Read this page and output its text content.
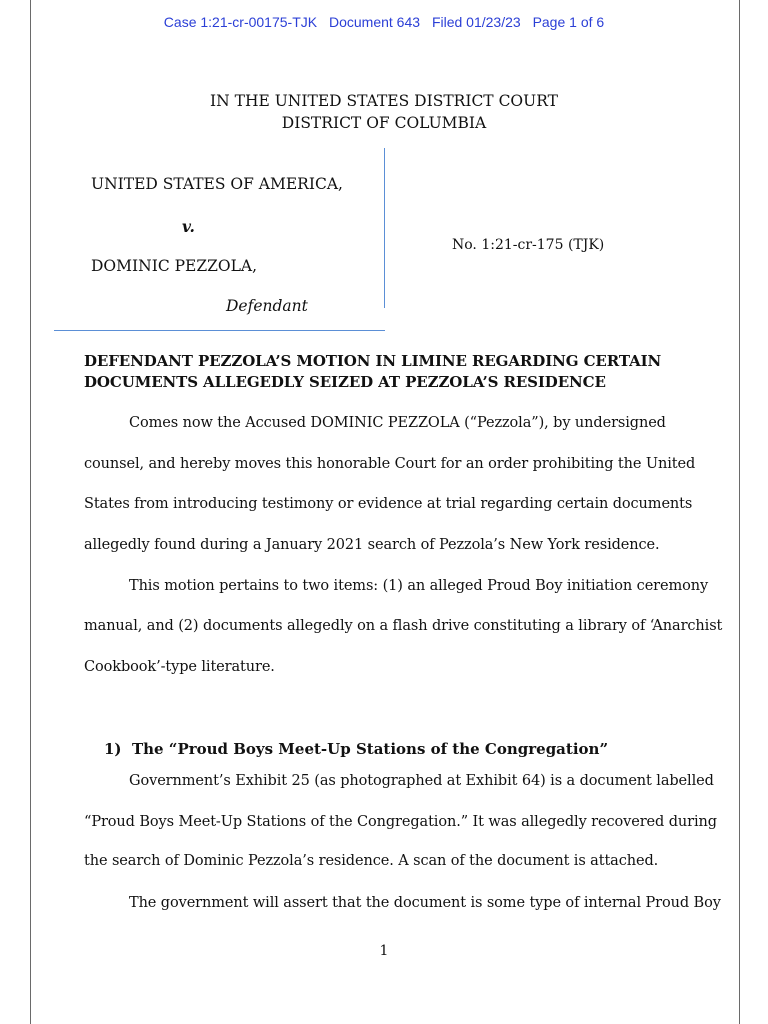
Case 1:21-cr-00175-TJK Document 643 Filed 01/23/23 Page 1 of 6
IN THE UNITED STATES DISTRICT COURT
DISTRICT OF COLUMBIA
UNITED STATES OF AMERICA,
v.
DOMINIC PEZZOLA,
Defendant
No. 1:21-cr-175 (TJK)
DEFENDANT PEZZOLA’S MOTION IN LIMINE REGARDING CERTAIN
DOCUMENTS ALLEGEDLY SEIZED AT PEZZOLA’S RESIDENCE
Comes now the Accused DOMINIC PEZZOLA (“Pezzola”), by undersigned
counsel, and hereby moves this honorable Court for an order prohibiting the United
States from introducing testimony or evidence at trial regarding certain documents
allegedly found during a January 2021 search of Pezzola’s New York residence.
This motion pertains to two items: (1) an alleged Proud Boy initiation ceremony
manual, and (2) documents allegedly on a flash drive constituting a library of ‘Anarchist
Cookbook’-type literature.
1)  The “Proud Boys Meet-Up Stations of the Congregation”
Government’s Exhibit 25 (as photographed at Exhibit 64) is a document labelled
“Proud Boys Meet-Up Stations of the Congregation.” It was allegedly recovered during
the search of Dominic Pezzola’s residence. A scan of the document is attached.
The government will assert that the document is some type of internal Proud Boy
1
